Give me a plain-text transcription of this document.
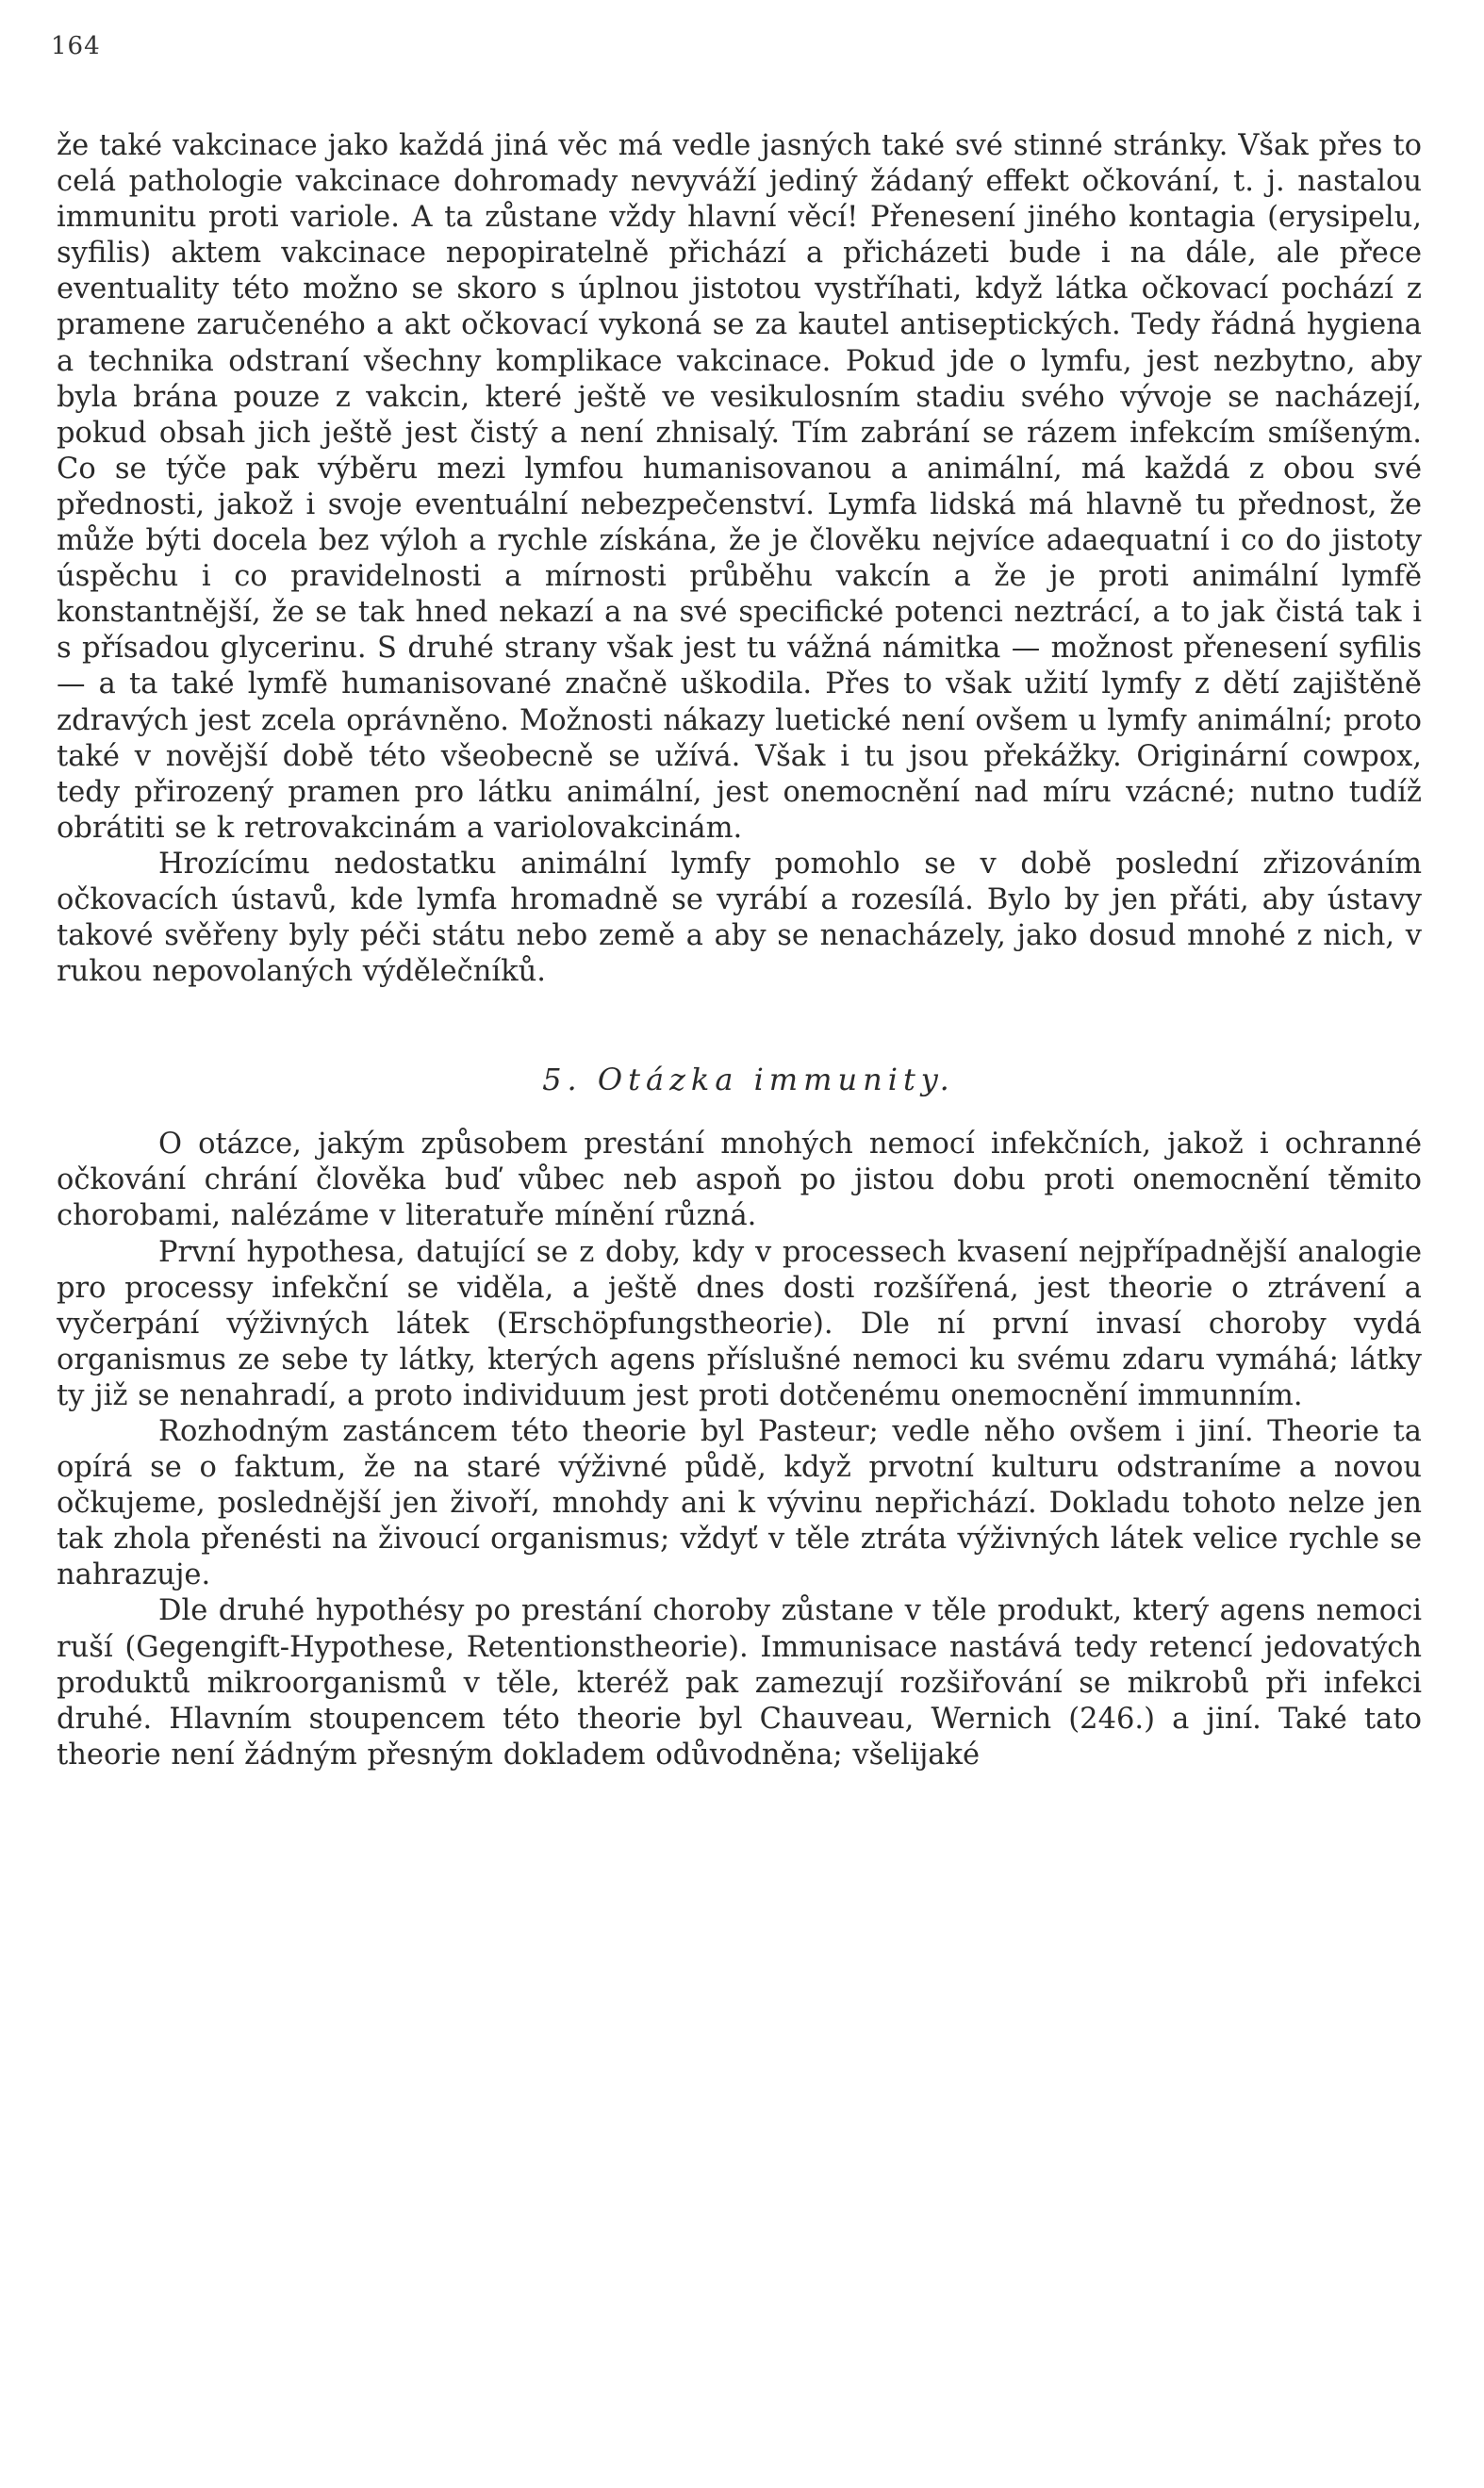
164

že také vakcinace jako každá jiná věc má vedle jasných také své stinné stránky. Však přes to celá pathologie vakcinace dohromady nevyváží jediný žádaný effekt očkování, t. j. nastalou immunitu proti variole. A ta zůstane vždy hlavní věcí! Přenesení jiného kontagia (erysipelu, syfilis) aktem vakcinace nepopiratelně přichází a přicházeti bude i na dále, ale přece eventuality této možno se skoro s úplnou jistotou vystříhati, když látka očkovací pochází z pramene zaručeného a akt očkovací vykoná se za kautel antiseptických. Tedy řádná hygiena a technika odstraní všechny komplikace vakcinace. Pokud jde o lymfu, jest nezbytno, aby byla brána pouze z vakcin, které ještě ve vesikulosním stadiu svého vývoje se nacházejí, pokud obsah jich ještě jest čistý a není zhnisalý. Tím zabrání se rázem infekcím smíšeným. Co se týče pak výběru mezi lymfou humanisovanou a animální, má každá z obou své přednosti, jakož i svoje eventuální nebezpečenství. Lymfa lidská má hlavně tu přednost, že může býti docela bez výloh a rychle získána, že je člověku nejvíce adaequatní i co do jistoty úspěchu i co pravidelnosti a mírnosti průběhu vakcín a že je proti animální lymfě konstantnější, že se tak hned nekazí a na své specifické potenci neztrácí, a to jak čistá tak i s přísadou glycerinu. S druhé strany však jest tu vážná námitka — možnost přenesení syfilis — a ta také lymfě humanisované značně uškodila. Přes to však užití lymfy z dětí zajištěně zdravých jest zcela oprávněno. Možnosti nákazy luetické není ovšem u lymfy animální; proto také v novější době této všeobecně se užívá. Však i tu jsou překážky. Originární cowpox, tedy přirozený pramen pro látku animální, jest onemocnění nad míru vzácné; nutno tudíž obrátiti se k retrovakcinám a variolovakcinám.

Hrozícímu nedostatku animální lymfy pomohlo se v době poslední zřizováním očkovacích ústavů, kde lymfa hromadně se vyrábí a rozesílá. Bylo by jen přáti, aby ústavy takové svěřeny byly péči státu nebo země a aby se nenacházely, jako dosud mnohé z nich, v rukou nepovolaných výdělečníků.

5. Otázka immunity.

O otázce, jakým způsobem prestání mnohých nemocí infekčních, jakož i ochranné očkování chrání člověka buď vůbec neb aspoň po jistou dobu proti onemocnění těmito chorobami, nalézáme v literatuře mínění různá.

První hypothesa, datující se z doby, kdy v processech kvasení nejpřípadnější analogie pro processy infekční se viděla, a ještě dnes dosti rozšířená, jest theorie o ztrávení a vyčerpání výživných látek (Erschöpfungstheorie). Dle ní první invasí choroby vydá organismus ze sebe ty látky, kterých agens příslušné nemoci ku svému zdaru vymáhá; látky ty již se nenahradí, a proto individuum jest proti dotčenému onemocnění immunním.

Rozhodným zastáncem této theorie byl Pasteur; vedle něho ovšem i jiní. Theorie ta opírá se o faktum, že na staré výživné půdě, když prvotní kulturu odstraníme a novou očkujeme, poslednější jen živoří, mnohdy ani k vývinu nepřichází. Dokladu tohoto nelze jen tak zhola přenésti na živoucí organismus; vždyť v těle ztráta výživných látek velice rychle se nahrazuje.

Dle druhé hypothésy po prestání choroby zůstane v těle produkt, který agens nemoci ruší (Gegengift-Hypothese, Retentionstheorie). Immunisace nastává tedy retencí jedovatých produktů mikroorganismů v těle, kteréž pak zamezují rozšiřování se mikrobů při infekci druhé. Hlavním stoupencem této theorie byl Chauveau, Wernich (246.) a jiní. Také tato theorie není žádným přesným dokladem odůvodněna; všelijaké
